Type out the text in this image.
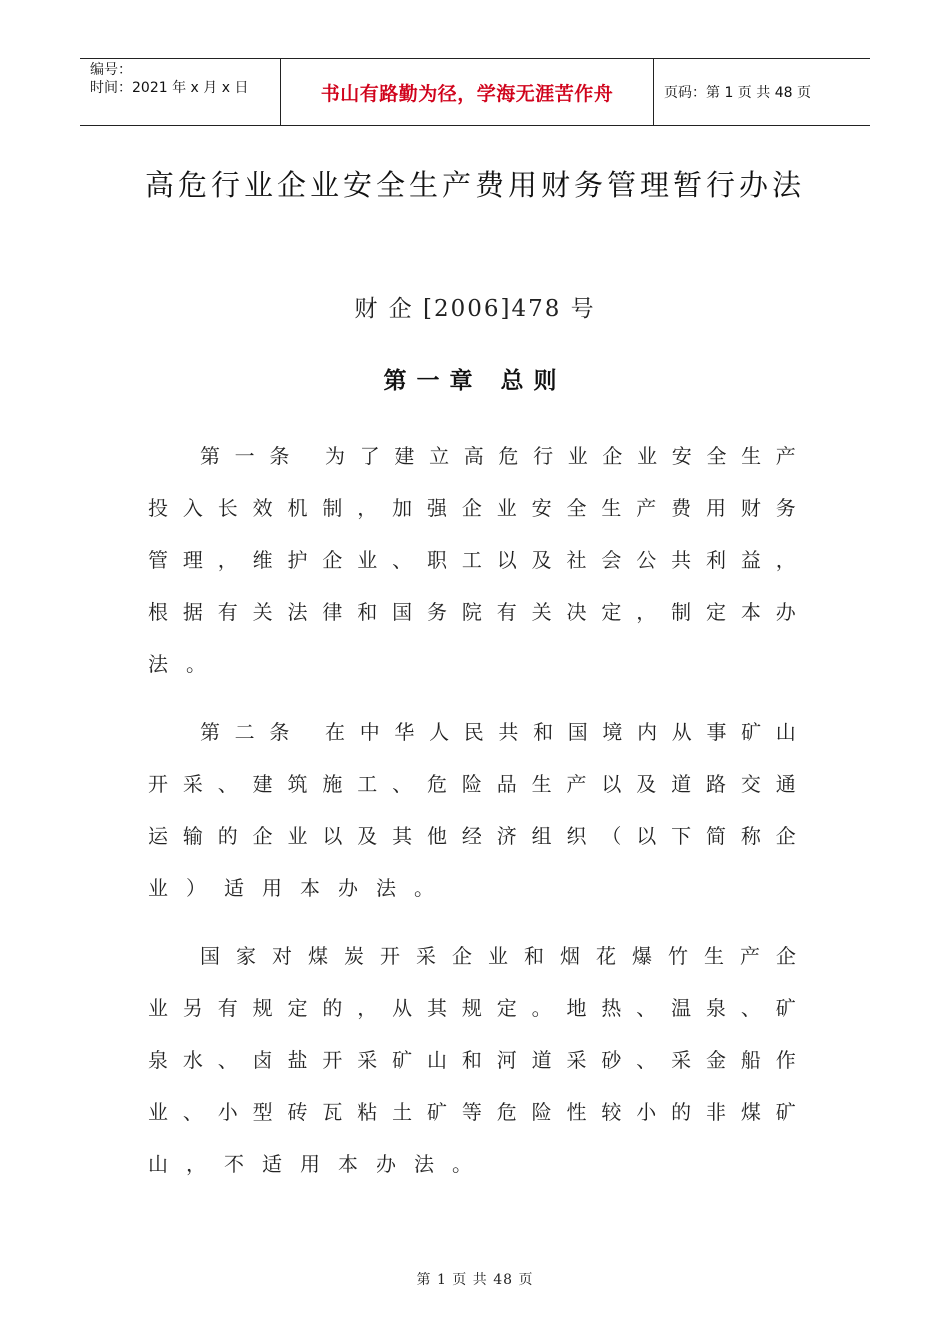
编号：
时间：2021 年 x 月 x 日	书山有路勤为径，学海无涯苦作舟	页码：第 1 页 共 48 页
高危行业企业安全生产费用财务管理暂行办法
财 企 [2006]478 号
第一章 总则
第 一 条
为 了 建 立 高 危 行 业 企 业 安 全 生 产
投 入 长 效 机 制 ， 加 强 企 业 安 全 生 产 费 用 财 务
管 理 ， 维 护 企 业 、 职 工 以 及 社 会 公 共 利 益 ，
根 据 有 关 法 律 和 国 务 院 有 关 决 定 ， 制 定 本 办
法 。
第 二 条
在 中 华 人 民 共 和 国 境 内 从 事 矿 山
开 采 、 建 筑 施 工 、 危 险 品 生 产 以 及 道 路 交 通
运 输 的 企 业 以 及 其 他 经 济 组 织 （ 以 下 简 称 企
业 ） 适 用 本 办 法 。
国 家 对 煤 炭 开 采 企 业 和 烟 花 爆 竹 生 产 企
业 另 有 规 定 的 ， 从 其 规 定 。 地 热 、 温 泉 、 矿
泉 水 、 卤 盐 开 采 矿 山 和 河 道 采 砂 、 采 金 船 作
业 、 小 型 砖 瓦 粘 土 矿 等 危 险 性 较 小 的 非 煤 矿
山 ， 不 适 用 本 办 法 。
第 1 页 共 48 页
